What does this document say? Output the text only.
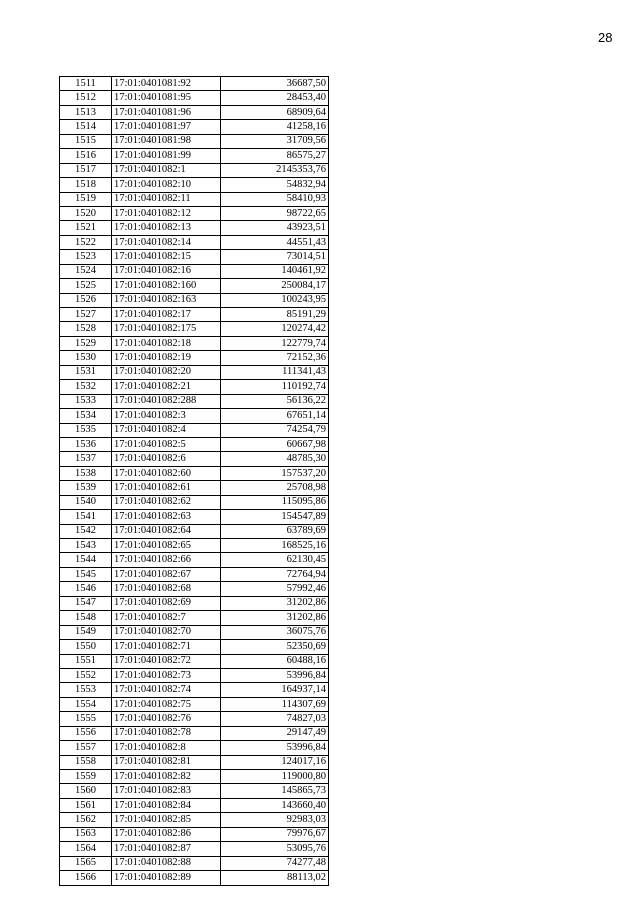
28
1511	17:01:0401081:92	36687,50
1512	17:01:0401081:95	28453,40
1513	17:01:0401081:96	68909,64
1514	17:01:0401081:97	41258,16
1515	17:01:0401081:98	31709,56
1516	17:01:0401081:99	86575,27
1517	17:01:0401082:1	2145353,76
1518	17:01:0401082:10	54832,94
1519	17:01:0401082:11	58410,93
1520	17:01:0401082:12	98722,65
1521	17:01:0401082:13	43923,51
1522	17:01:0401082:14	44551,43
1523	17:01:0401082:15	73014,51
1524	17:01:0401082:16	140461,92
1525	17:01:0401082:160	250084,17
1526	17:01:0401082:163	100243,95
1527	17:01:0401082:17	85191,29
1528	17:01:0401082:175	120274,42
1529	17:01:0401082:18	122779,74
1530	17:01:0401082:19	72152,36
1531	17:01:0401082:20	111341,43
1532	17:01:0401082:21	110192,74
1533	17:01:0401082:288	56136,22
1534	17:01:0401082:3	67651,14
1535	17:01:0401082:4	74254,79
1536	17:01:0401082:5	60667,98
1537	17:01:0401082:6	48785,30
1538	17:01:0401082:60	157537,20
1539	17:01:0401082:61	25708,98
1540	17:01:0401082:62	115095,86
1541	17:01:0401082:63	154547,89
1542	17:01:0401082:64	63789,69
1543	17:01:0401082:65	168525,16
1544	17:01:0401082:66	62130,45
1545	17:01:0401082:67	72764,94
1546	17:01:0401082:68	57992,46
1547	17:01:0401082:69	31202,86
1548	17:01:0401082:7	31202,86
1549	17:01:0401082:70	36075,76
1550	17:01:0401082:71	52350,69
1551	17:01:0401082:72	60488,16
1552	17:01:0401082:73	53996,84
1553	17:01:0401082:74	164937,14
1554	17:01:0401082:75	114307,69
1555	17:01:0401082:76	74827,03
1556	17:01:0401082:78	29147,49
1557	17:01:0401082:8	53996,84
1558	17:01:0401082:81	124017,16
1559	17:01:0401082:82	119000,80
1560	17:01:0401082:83	145865,73
1561	17:01:0401082:84	143660,40
1562	17:01:0401082:85	92983,03
1563	17:01:0401082:86	79976,67
1564	17:01:0401082:87	53095,76
1565	17:01:0401082:88	74277,48
1566	17:01:0401082:89	88113,02
